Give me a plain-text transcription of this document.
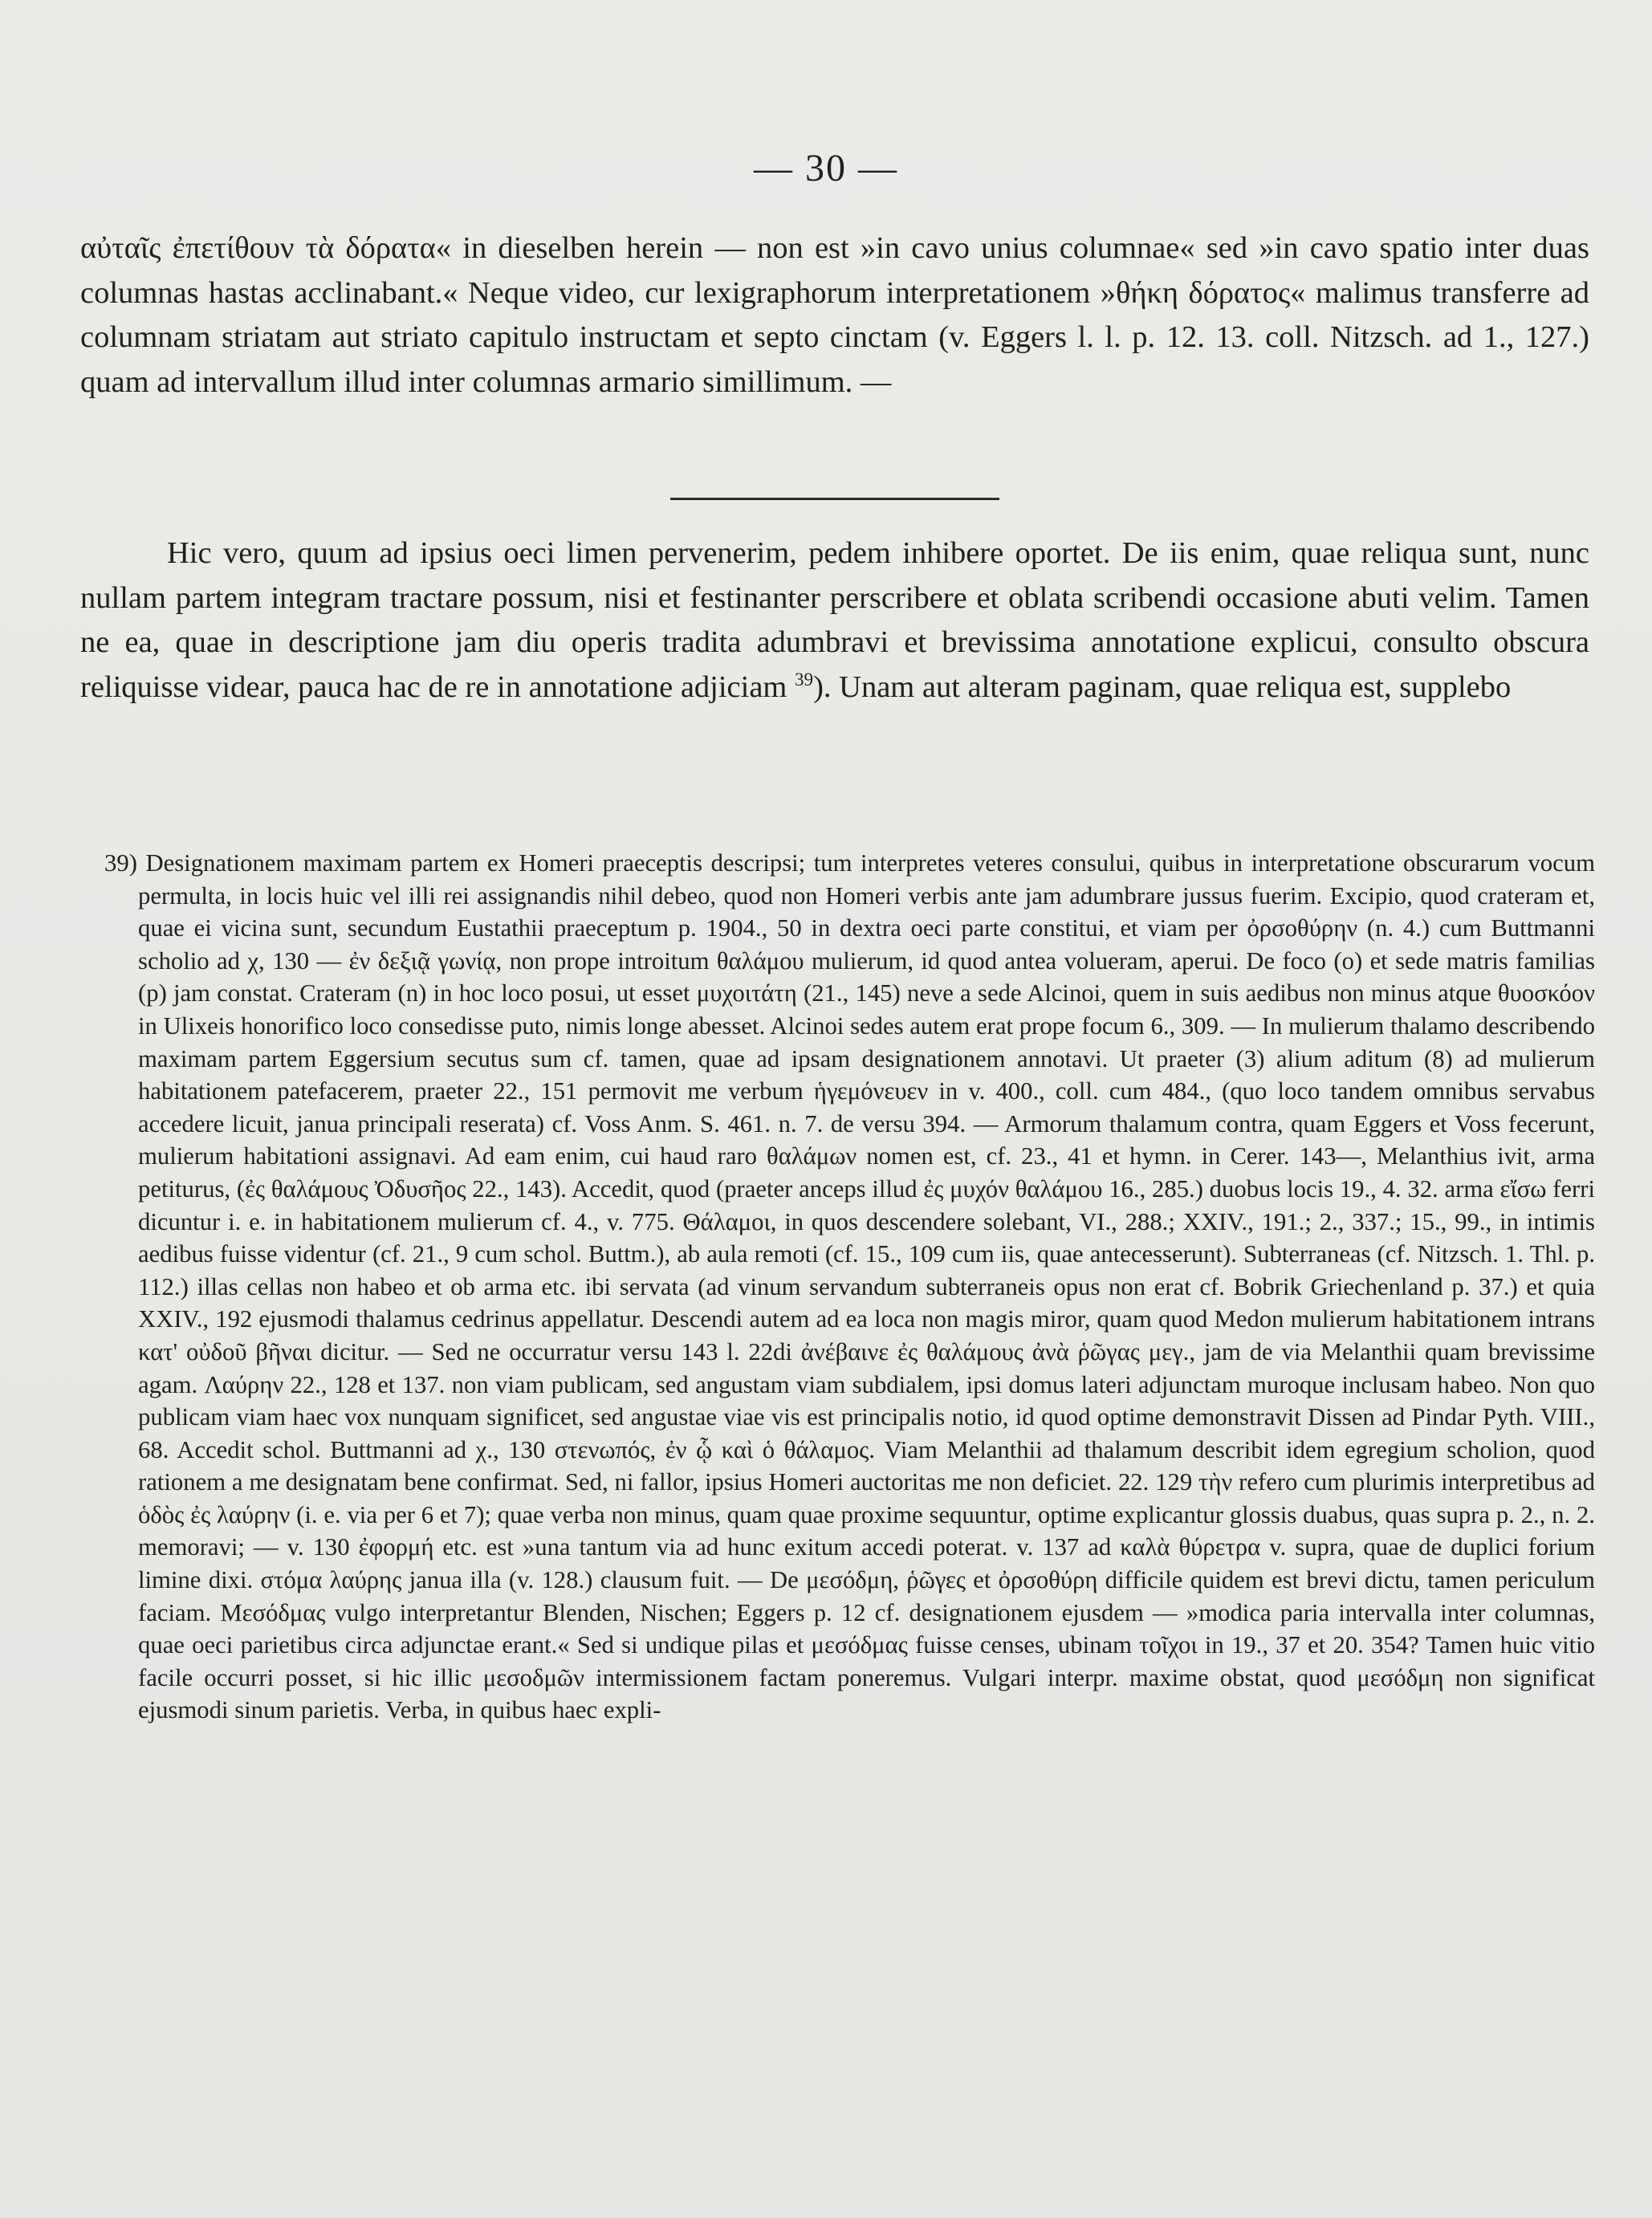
— 30 —

αὐταῖς ἐπετίθουν τὰ δόρατα« in dieselben herein — non est »in cavo unius columnae« sed »in cavo spatio inter duas columnas hastas acclinabant.« Neque video, cur lexigraphorum interpretationem »θήκη δόρατος« malimus transferre ad columnam striatam aut striato capitulo instructam et septo cinctam (v. Eggers l. l. p. 12. 13. coll. Nitzsch. ad 1., 127.) quam ad intervallum illud inter columnas armario simillimum. —

Hic vero, quum ad ipsius oeci limen pervenerim, pedem inhibere oportet. De iis enim, quae reliqua sunt, nunc nullam partem integram tractare possum, nisi et festinanter perscribere et oblata scribendi occasione abuti velim. Tamen ne ea, quae in descriptione jam diu operis tradita adumbravi et brevissima annotatione explicui, consulto obscura reliquisse videar, pauca hac de re in annotatione adjiciam $^{39}$). Unam aut alteram paginam, quae reliqua est, supplebo

39) Designationem maximam partem ex Homeri praeceptis descripsi; tum interpretes veteres consului, quibus in interpretatione obscurarum vocum permulta, in locis huic vel illi rei assignandis nihil debeo, quod non Homeri verbis ante jam adumbrare jussus fuerim. Excipio, quod crateram et, quae ei vicina sunt, secundum Eustathii praeceptum p. 1904., 50 in dextra oeci parte constitui, et viam per ὀρσοθύρην (n. 4.) cum Buttmanni scholio ad χ, 130 — ἐν δεξιᾷ γωνίᾳ, non prope introitum θαλάμου mulierum, id quod antea volueram, aperui. De foco (o) et sede matris familias (p) jam constat. Crateram (n) in hoc loco posui, ut esset μυχοιτάτη (21., 145) neve a sede Alcinoi, quem in suis aedibus non minus atque θυοσκόον in Ulixeis honorifico loco consedisse puto, nimis longe abesset. Alcinoi sedes autem erat prope focum 6., 309. — In mulierum thalamo describendo maximam partem Eggersium secutus sum cf. tamen, quae ad ipsam designationem annotavi. Ut praeter (3) alium aditum (8) ad mulierum habitationem patefacerem, praeter 22., 151 permovit me verbum ἡγεμόνευεν in v. 400., coll. cum 484., (quo loco tandem omnibus servabus accedere licuit, janua principali reserata) cf. Voss Anm. S. 461. n. 7. de versu 394. — Armorum thalamum contra, quam Eggers et Voss fecerunt, mulierum habitationi assignavi. Ad eam enim, cui haud raro θαλάμων nomen est, cf. 23., 41 et hymn. in Cerer. 143—, Melanthius ivit, arma petiturus, (ἐς θαλάμους Ὀδυσῆος 22., 143). Accedit, quod (praeter anceps illud ἐς μυχόν θαλάμου 16., 285.) duobus locis 19., 4. 32. arma εἴσω ferri dicuntur i. e. in habitationem mulierum cf. 4., v. 775. Θάλαμοι, in quos descendere solebant, VI., 288.; XXIV., 191.; 2., 337.; 15., 99., in intimis aedibus fuisse videntur (cf. 21., 9 cum schol. Buttm.), ab aula remoti (cf. 15., 109 cum iis, quae antecesserunt). Subterraneas (cf. Nitzsch. 1. Thl. p. 112.) illas cellas non habeo et ob arma etc. ibi servata (ad vinum servandum subterraneis opus non erat cf. Bobrik Griechenland p. 37.) et quia XXIV., 192 ejusmodi thalamus cedrinus appellatur. Descendi autem ad ea loca non magis miror, quam quod Medon mulierum habitationem intrans κατ' οὐδοῦ βῆναι dicitur. — Sed ne occurratur versu 143 l. 22di ἀνέβαινε ἐς θαλάμους ἀνὰ ῥῶγας μεγ., jam de via Melanthii quam brevissime agam. Λαύρην 22., 128 et 137. non viam publicam, sed angustam viam subdialem, ipsi domus lateri adjunctam muroque inclusam habeo. Non quo publicam viam haec vox nunquam significet, sed angustae viae vis est principalis notio, id quod optime demonstravit Dissen ad Pindar Pyth. VIII., 68. Accedit schol. Buttmanni ad χ., 130 στενωπός, ἐν ᾧ καὶ ὁ θάλαμος. Viam Melanthii ad thalamum describit idem egregium scholion, quod rationem a me designatam bene confirmat. Sed, ni fallor, ipsius Homeri auctoritas me non deficiet. 22. 129 τὴν refero cum plurimis interpretibus ad ὁδὸς ἐς λαύρην (i. e. via per 6 et 7); quae verba non minus, quam quae proxime sequuntur, optime explicantur glossis duabus, quas supra p. 2., n. 2. memoravi; — v. 130 ἐφορμή etc. est »una tantum via ad hunc exitum accedi poterat. v. 137 ad καλὰ θύρετρα v. supra, quae de duplici forium limine dixi. στόμα λαύρης janua illa (v. 128.) clausum fuit. — De μεσόδμη, ῥῶγες et ὀρσοθύρη difficile quidem est brevi dictu, tamen periculum faciam. Μεσόδμας vulgo interpretantur Blenden, Nischen; Eggers p. 12 cf. designationem ejusdem — »modica paria intervalla inter columnas, quae oeci parietibus circa adjunctae erant.« Sed si undique pilas et μεσόδμας fuisse censes, ubinam τοῖχοι in 19., 37 et 20. 354? Tamen huic vitio facile occurri posset, si hic illic μεσοδμῶν intermissionem factam poneremus. Vulgari interpr. maxime obstat, quod μεσόδμη non significat ejusmodi sinum parietis. Verba, in quibus haec expli-
